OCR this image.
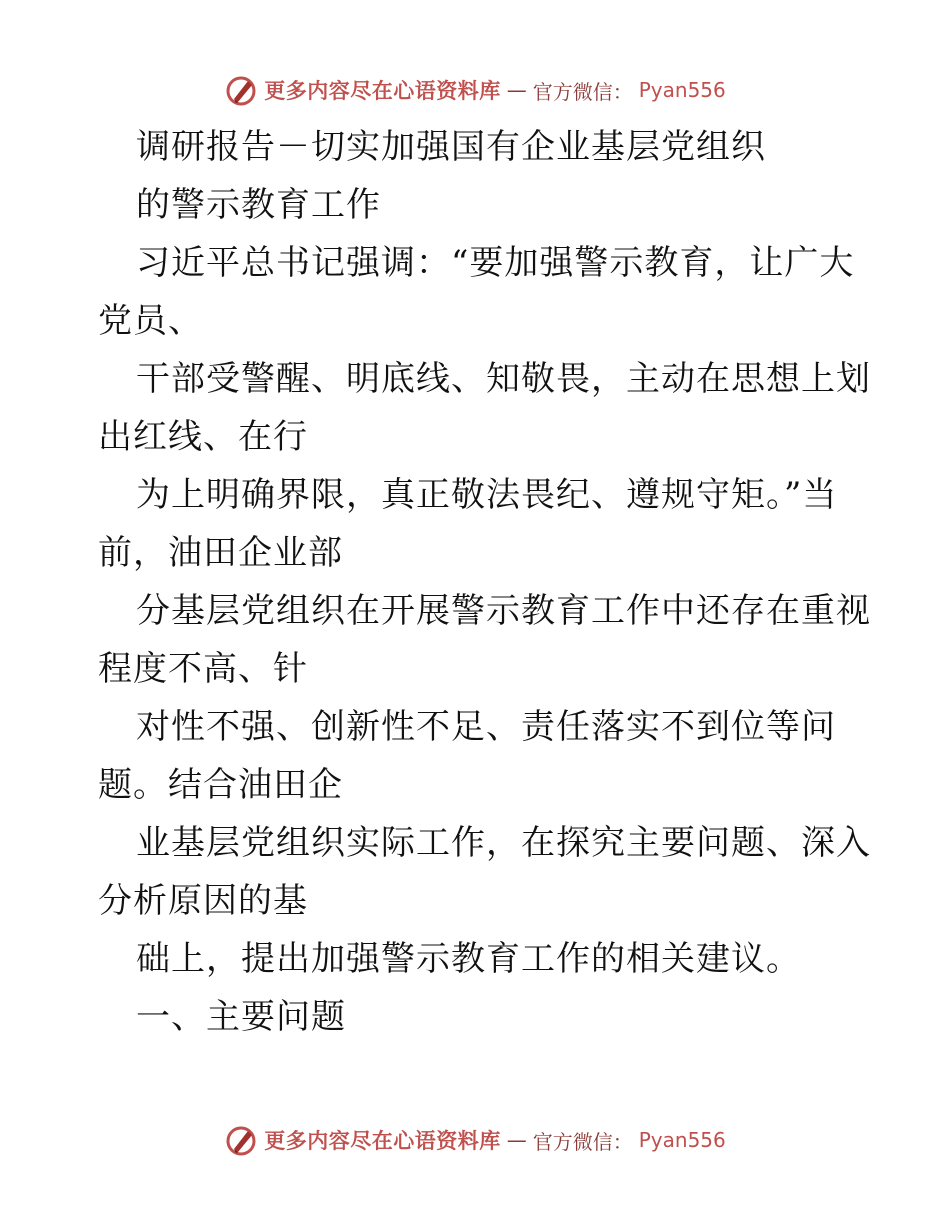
更多内容尽在心语资料库 — 官方微信： Pyan556
调研报告－切实加强国有企业基层党组织
的警示教育工作
习近平总书记强调：“要加强警示教育，让广大
党员、
干部受警醒、明底线、知敬畏，主动在思想上划
出红线、在行
为上明确界限，真正敬法畏纪、遵规守矩。”当
前，油田企业部
分基层党组织在开展警示教育工作中还存在重视
程度不高、针
对性不强、创新性不足、责任落实不到位等问
题。结合油田企
业基层党组织实际工作，在探究主要问题、深入
分析原因的基
础上，提出加强警示教育工作的相关建议。
一、主要问题
更多内容尽在心语资料库 — 官方微信： Pyan556
